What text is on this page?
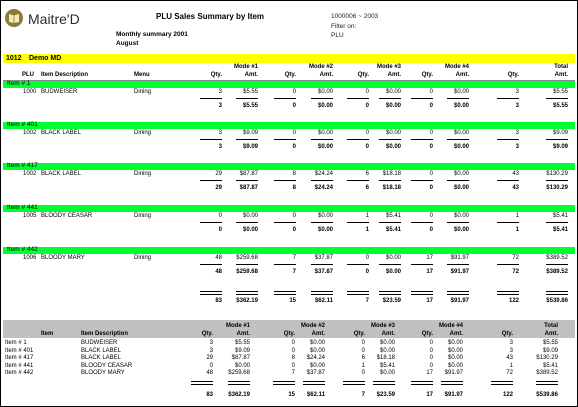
Maitre'D	PLU Sales Summary by Item
Monthly summary 2001
August
1000006 ~ 2003
Filter on:
PLU
1012 Demo MD
Mode #1	Mode #2	Mode #3	Mode #4	Total
PLU Item Description	Menu	Qty.	Amt.	Qty.	Amt.	Qty.	Amt.	Qty.	Amt.	Qty.	Amt.
Item # 1
1000 BUDWEISER	Dining	3	$5.55	0	$0.00	0	$0.00	0	$0.00	3	$5.55
3	$5.55	0	$0.00	0	$0.00	0	$0.00	3	$5.55
Item # 401
1002 BLACK LABEL	Dining	3	$9.09	0	$0.00	0	$0.00	0	$0.00	3	$9.09
3	$9.09	0	$0.00	0	$0.00	0	$0.00	3	$9.09
Item # 417
1002 BLACK LABEL	Dining	29	$87.87	8	$24.24	6 $18.18	0	$0.00	43	$130.29
29	$87.87	8	$24.24	6 $18.18	0	$0.00	43	$130.29
Item # 441
1005 BLOODY CEASAR	Dining	0	$0.00	0	$0.00	1	$5.41	0	$0.00	1	$5.41
0	$0.00	0	$0.00	1	$5.41	0	$0.00	1	$5.41
Item # 442
1006 BLOODY MARY	Dining	48 $259.68	7	$37.87	0	$0.00	17	$91.97	72	$389.52
48 $259.68	7	$37.87	0	$0.00	17	$91.97	72	$389.52
83 $362.19	15	$62.11	7 $23.59	17	$91.97	122	$539.86
Mode #1	Mode #2	Mode #3	Mode #4	Total
Item	Item Description	Qty.	Amt.	Qty.	Amt.	Qty.	Amt.	Qty.	Amt.	Qty.	Amt.
Item # 1	BUDWEISER	3	$5.55	0 $0.00	0 $0.00	0 $0.00	3	$5.55
Item # 401	BLACK LABEL	3	$9.09	0 $0.00	0 $0.00	0 $0.00	3	$9.09
Item # 417	BLACK LABEL	29	$87.87	8 $24.24	6 $18.18	0 $0.00	43	$130.29
Item # 441	BLOODY CEASAR	0	$0.00	0 $0.00	1 $5.41	0 $0.00	1	$5.41
Item # 442	BLOODY MARY	48	$259.68	7 $37.87	0 $0.00	17 $91.97	72	$389.52
83	$362.19	15 $62.11	7 $23.59	17 $91.97	122	$539.86
